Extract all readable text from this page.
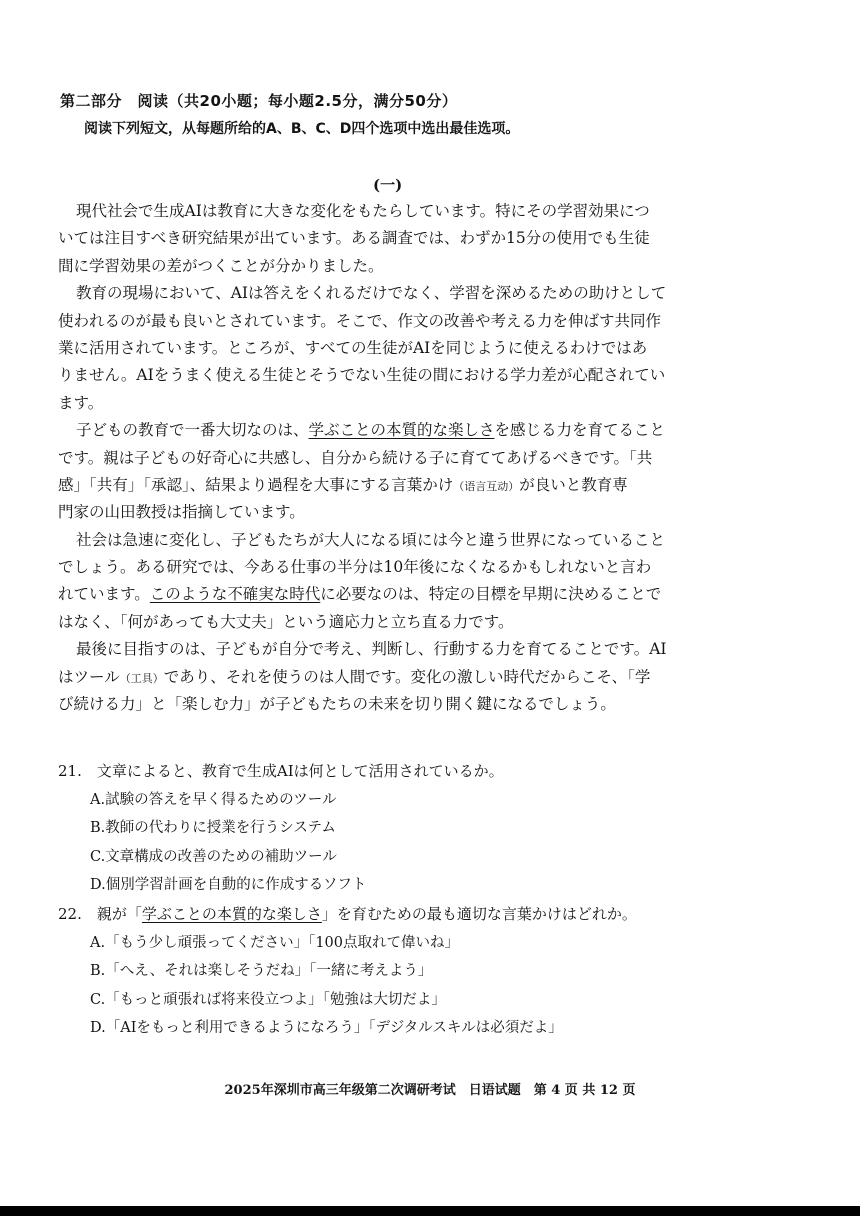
第二部分　阅读（共20小题；每小题2.5分，满分50分）
阅读下列短文，从每题所给的A、B、C、D四个选项中选出最佳选项。
(一)
現代社会で生成AIは教育に大きな変化をもたらしています。特にその学習効果につ
いては注目すべき研究結果が出ています。ある調査では、わずか15分の使用でも生徒
間に学習効果の差がつくことが分かりました。
教育の現場において、AIは答えをくれるだけでなく、学習を深めるための助けとして
使われるのが最も良いとされています。そこで、作文の改善や考える力を伸ばす共同作
業に活用されています。ところが、すべての生徒がAIを同じように使えるわけではあ
りません。AIをうまく使える生徒とそうでない生徒の間における学力差が心配されてい
ます。
子どもの教育で一番大切なのは、学ぶことの本質的な楽しさを感じる力を育てること
です。親は子どもの好奇心に共感し、自分から続ける子に育ててあげるべきです。「共
感」「共有」「承認」、結果より過程を大事にする言葉かけ（语言互动）が良いと教育専
門家の山田教授は指摘しています。
社会は急速に変化し、子どもたちが大人になる頃には今と違う世界になっていること
でしょう。ある研究では、今ある仕事の半分は10年後になくなるかもしれないと言わ
れています。このような不確実な時代に必要なのは、特定の目標を早期に決めることで
はなく、「何があっても大丈夫」という適応力と立ち直る力です。
最後に目指すのは、子どもが自分で考え、判断し、行動する力を育てることです。AI
はツール（工具）であり、それを使うのは人間です。変化の激しい時代だからこそ、「学
び続ける力」と「楽しむ力」が子どもたちの未来を切り開く鍵になるでしょう。
21.　文章によると、教育で生成AIは何として活用されているか。
A.試験の答えを早く得るためのツール
B.教師の代わりに授業を行うシステム
C.文章構成の改善のための補助ツール
D.個別学習計画を自動的に作成するソフト
22.　親が「学ぶことの本質的な楽しさ」を育むための最も適切な言葉かけはどれか。
A.「もう少し頑張ってください」「100点取れて偉いね」
B.「へえ、それは楽しそうだね」「一緒に考えよう」
C.「もっと頑張れば将来役立つよ」「勉強は大切だよ」
D.「AIをもっと利用できるようになろう」「デジタルスキルは必須だよ」
2025年深圳市高三年级第二次调研考试　日语试题　第 4 页 共 12 页
